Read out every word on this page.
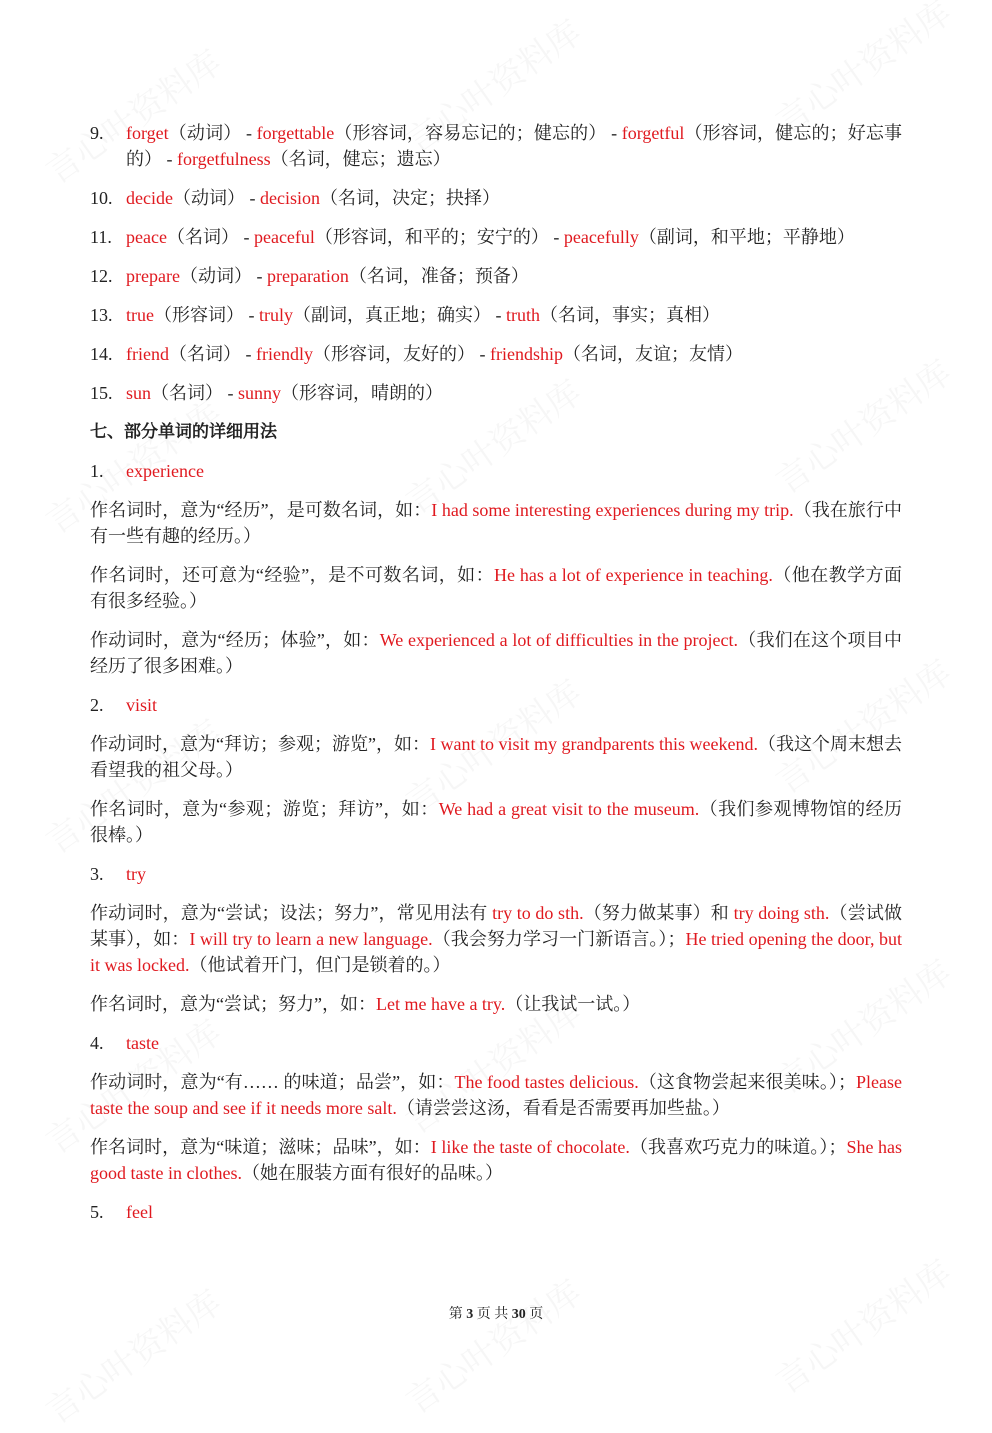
9. forget（动词） - forgettable（形容词，容易忘记的；健忘的） - forgetful（形容词，健忘的；好忘事的） - forgetfulness（名词，健忘；遗忘）
10. decide（动词） - decision（名词，决定；抉择）
11. peace（名词） - peaceful（形容词，和平的；安宁的） - peacefully（副词，和平地；平静地）
12. prepare（动词） - preparation（名词，准备；预备）
13. true（形容词） - truly（副词，真正地；确实） - truth（名词，事实；真相）
14. friend（名词） - friendly（形容词，友好的） - friendship（名词，友谊；友情）
15. sun（名词） - sunny（形容词，晴朗的）
七、部分单词的详细用法
1. experience
作名词时，意为“经历”，是可数名词，如：I had some interesting experiences during my trip.（我在旅行中有一些有趣的经历。）
作名词时，还可意为“经验”，是不可数名词，如：He has a lot of experience in teaching.（他在教学方面有很多经验。）
作动词时，意为“经历；体验”，如：We experienced a lot of difficulties in the project.（我们在这个项目中经历了很多困难。）
2. visit
作动词时，意为“拜访；参观；游览”，如：I want to visit my grandparents this weekend.（我这个周末想去看望我的祖父母。）
作名词时，意为“参观；游览；拜访”，如：We had a great visit to the museum.（我们参观博物馆的经历很棒。）
3. try
作动词时，意为“尝试；设法；努力”，常见用法有 try to do sth.（努力做某事）和 try doing sth.（尝试做某事），如：I will try to learn a new language.（我会努力学习一门新语言。）；He tried opening the door, but it was locked.（他试着开门，但门是锁着的。）
作名词时，意为“尝试；努力”，如：Let me have a try.（让我试一试。）
4. taste
作动词时，意为“有…… 的味道；品尝”，如：The food tastes delicious.（这食物尝起来很美味。）；Please taste the soup and see if it needs more salt.（请尝尝这汤，看看是否需要再加些盐。）
作名词时，意为“味道；滋味；品味”，如：I like the taste of chocolate.（我喜欢巧克力的味道。）；She has good taste in clothes.（她在服装方面有很好的品味。）
5. feel
第 3 页 共 30 页
